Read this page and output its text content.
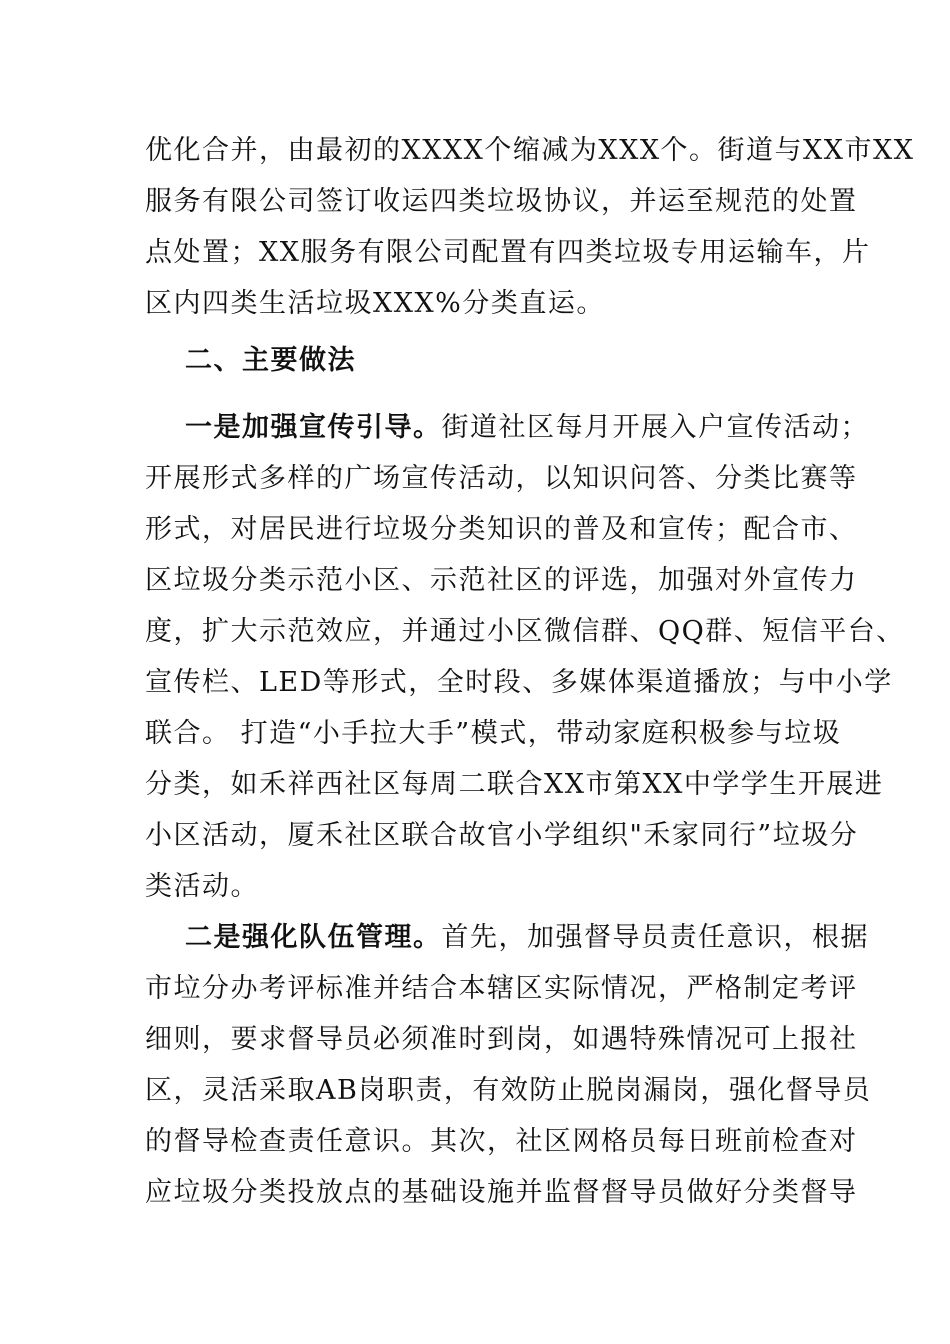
优化合并，由最初的XXXX个缩减为XXX个。街道与XX市XX
服务有限公司签订收运四类垃圾协议，并运至规范的处置
点处置；XX服务有限公司配置有四类垃圾专用运输车，片
区内四类生活垃圾XXX%分类直运。
二、主要做法
一是加强宣传引导。街道社区每月开展入户宣传活动；
开展形式多样的广场宣传活动，以知识问答、分类比赛等
形式，对居民进行垃圾分类知识的普及和宣传；配合市、
区垃圾分类示范小区、示范社区的评选，加强对外宣传力
度，扩大示范效应，并通过小区微信群、QQ群、短信平台、
宣传栏、LED等形式，全时段、多媒体渠道播放；与中小学
联合。 打造“小手拉大手”模式，带动家庭积极参与垃圾
分类，如禾祥西社区每周二联合XX市第XX中学学生开展进
小区活动，厦禾社区联合故官小学组织"禾家同行”垃圾分
类活动。
二是强化队伍管理。首先，加强督导员责任意识，根据
市垃分办考评标准并结合本辖区实际情况，严格制定考评
细则，要求督导员必须准时到岗，如遇特殊情况可上报社
区，灵活采取AB岗职责，有效防止脱岗漏岗，强化督导员
的督导检查责任意识。其次，社区网格员每日班前检查对
应垃圾分类投放点的基础设施并监督督导员做好分类督导
